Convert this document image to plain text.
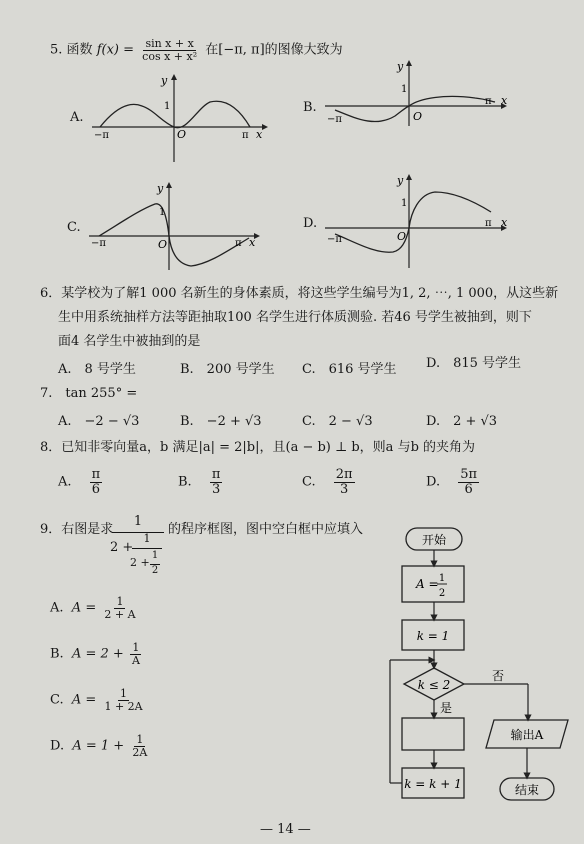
5. 函数 $f(x) = \frac{\text{sin x + x}}{\text{cos x + x²}}$ 在[−π, π]的图像大致为
A.
y
1
O
−π	π x
B.
y
1
O
−π
π x
C.
y
1
O
−π	π x
D.
y
1
O
−π
π x
6．某学校为了解1 000 名新生的身体素质，将这些学生编号为1, 2, ⋯, 1 000，从这些新
生中用系统抽样方法等距抽取100 名学生进行体质测验. 若46 号学生被抽到，则下
面4 名学生中被抽到的是
A.　8 号学生	B.　200 号学生 C.　616 号学生 D.　815 号学生
7.　tan 255° =
A.　−2 − √3	B.　−2 + √3	C.　2 − √3	D.　2 + √3
8．已知非零向量a，b 满足|a| = 2|b|，且(a − b) ⊥ b，则a 与b 的夹角为
A. $\frac{\pi}{6}$	B. $\frac{\pi}{3}$	C. $\frac{2\pi}{3}$	D. $\frac{5\pi}{6}$
9．右图是求
1
2 +
1
2 +
1
2
的程序框图，图中空白框中应填入
A. $A = \frac{1}{2 + A}$
B. $A = 2 + \frac{1}{A}$
C. $A = \frac{1}{1 + 2A}$
D. $A = 1 + \frac{1}{2A}$
开始
A = 1
2
k = 1
k ≤ 2
否
输出A
结束
是
k = k + 1
— 14 —
